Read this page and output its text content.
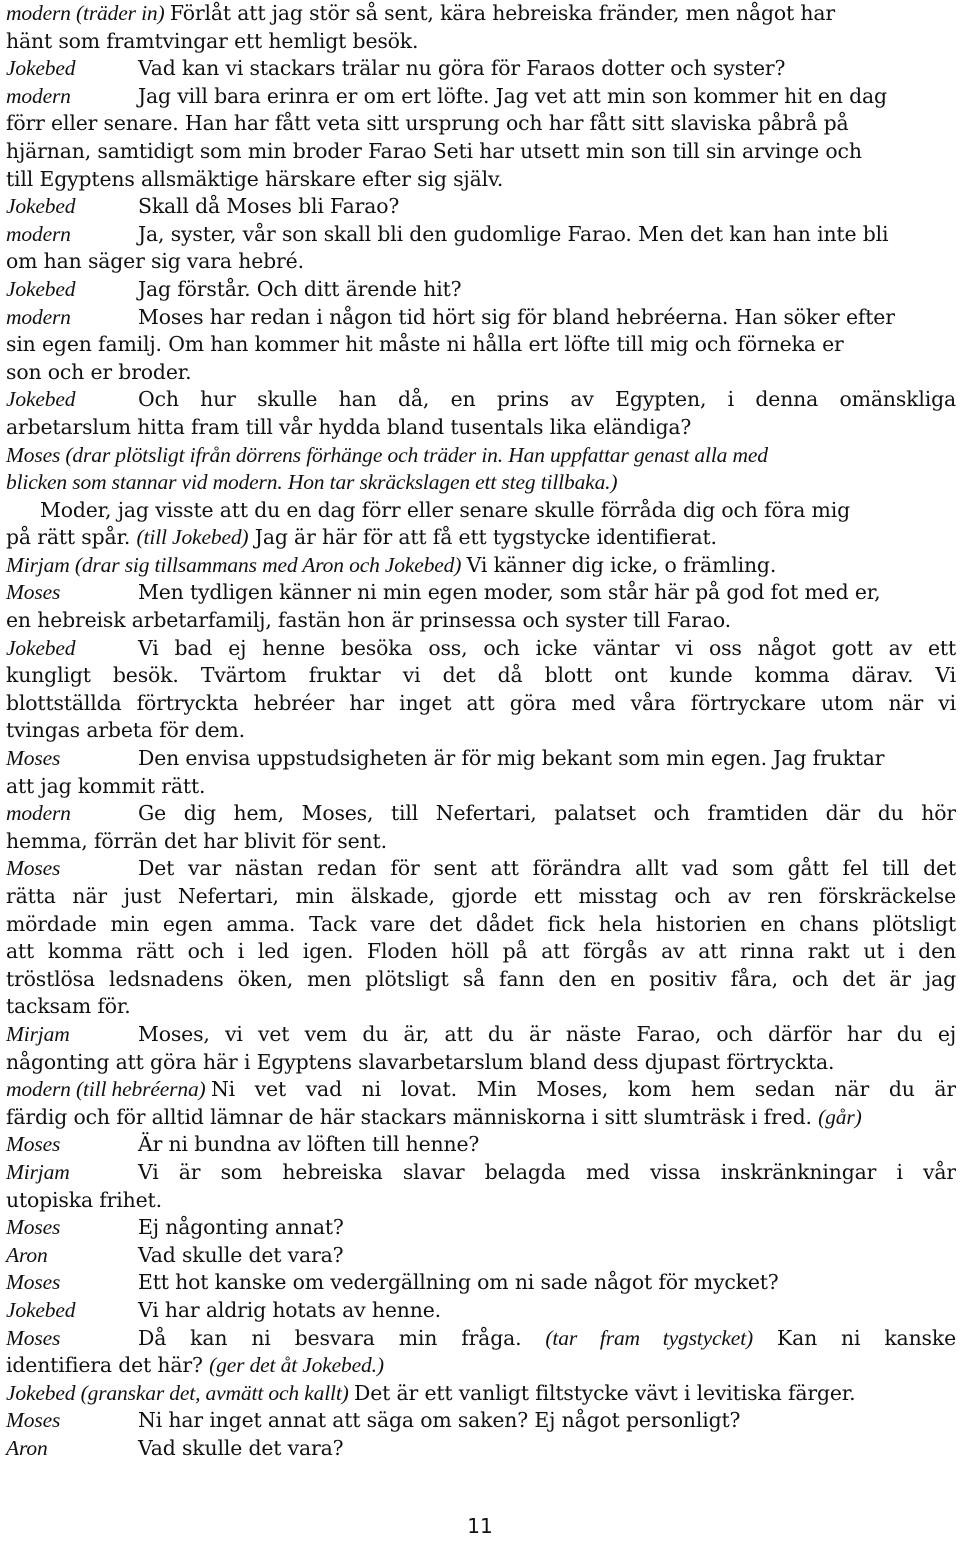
modern (träder in) Förlåt att jag stör så sent, kära hebreiska fränder, men något har
hänt som framtvingar ett hemligt besök.
Jokebed	Vad kan vi stackars trälar nu göra för Faraos dotter och syster?
modern	Jag vill bara erinra er om ert löfte. Jag vet att min son kommer hit en dag
förr eller senare. Han har fått veta sitt ursprung och har fått sitt slaviska påbrå på
hjärnan, samtidigt som min broder Farao Seti har utsett min son till sin arvinge och
till Egyptens allsmäktige härskare efter sig själv.
Jokebed	Skall då Moses bli Farao?
modern	Ja, syster, vår son skall bli den gudomlige Farao. Men det kan han inte bli
om han säger sig vara hebré.
Jokebed	Jag förstår. Och ditt ärende hit?
modern	Moses har redan i någon tid hört sig för bland hebréerna. Han söker efter
sin egen familj. Om han kommer hit måste ni hålla ert löfte till mig och förneka er
son och er broder.
Jokebed	Och hur skulle han då, en prins av Egypten, i denna omänskliga
arbetarslum hitta fram till vår hydda bland tusentals lika eländiga?
Moses (drar plötsligt ifrån dörrens förhänge och träder in. Han uppfattar genast alla med
blicken som stannar vid modern. Hon tar skräckslagen ett steg tillbaka.)
Moder, jag visste att du en dag förr eller senare skulle förråda dig och föra mig
på rätt spår. (till Jokebed) Jag är här för att få ett tygstycke identifierat.
Mirjam (drar sig tillsammans med Aron och Jokebed) Vi känner dig icke, o främling.
Moses	Men tydligen känner ni min egen moder, som står här på god fot med er,
en hebreisk arbetarfamilj, fastän hon är prinsessa och syster till Farao.
Jokebed	Vi bad ej henne besöka oss, och icke väntar vi oss något gott av ett
kungligt besök. Tvärtom fruktar vi det då blott ont kunde komma därav. Vi
blottställda förtryckta hebréer har inget att göra med våra förtryckare utom när vi
tvingas arbeta för dem.
Moses	Den envisa uppstudsigheten är för mig bekant som min egen. Jag fruktar
att jag kommit rätt.
modern	Ge dig hem, Moses, till Nefertari, palatset och framtiden där du hör
hemma, förrän det har blivit för sent.
Moses	Det var nästan redan för sent att förändra allt vad som gått fel till det
rätta när just Nefertari, min älskade, gjorde ett misstag och av ren förskräckelse
mördade min egen amma. Tack vare det dådet fick hela historien en chans plötsligt
att komma rätt och i led igen. Floden höll på att förgås av att rinna rakt ut i den
tröstlösa ledsnadens öken, men plötsligt så fann den en positiv fåra, och det är jag
tacksam för.
Mirjam	Moses, vi vet vem du är, att du är näste Farao, och därför har du ej
någonting att göra här i Egyptens slavarbetarslum bland dess djupast förtryckta.
modern (till hebréerna) Ni vet vad ni lovat. Min Moses, kom hem sedan när du är
färdig och för alltid lämnar de här stackars människorna i sitt slumträsk i fred. (går)
Moses	Är ni bundna av löften till henne?
Mirjam	Vi är som hebreiska slavar belagda med vissa inskränkningar i vår
utopiska frihet.
Moses	Ej någonting annat?
Aron	Vad skulle det vara?
Moses	Ett hot kanske om vedergällning om ni sade något för mycket?
Jokebed	Vi har aldrig hotats av henne.
Moses	Då kan ni besvara min fråga. (tar fram tygstycket) Kan ni kanske
identifiera det här? (ger det åt Jokebed.)
Jokebed (granskar det, avmätt och kallt) Det är ett vanligt filtstycke vävt i levitiska färger.
Moses	Ni har inget annat att säga om saken? Ej något personligt?
Aron	Vad skulle det vara?
11
